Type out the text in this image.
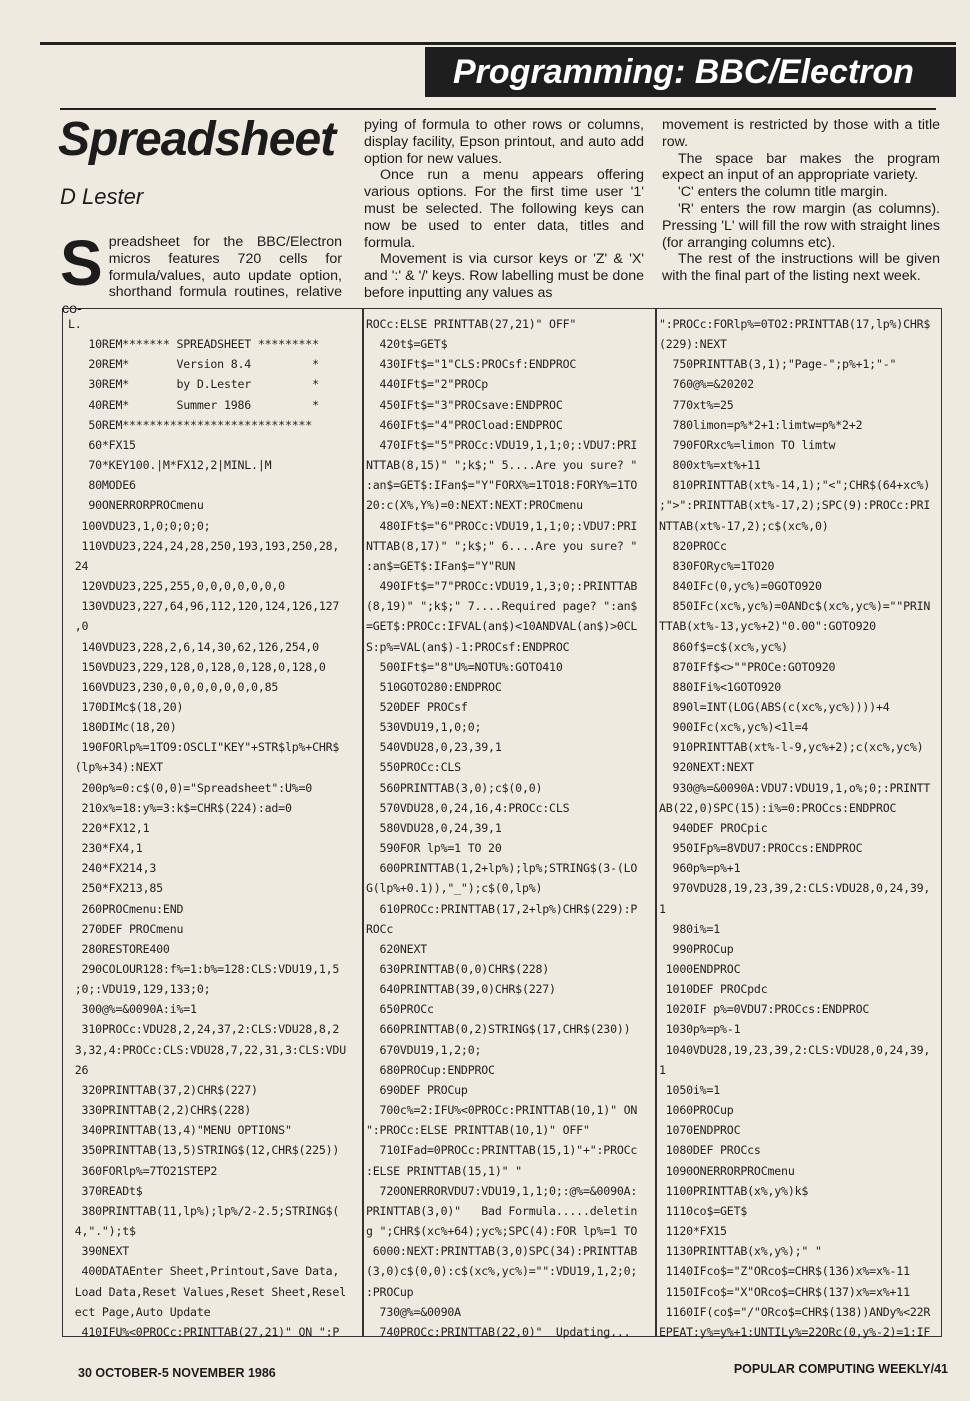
Programming: BBC/Electron
Spreadsheet
D Lester

Spreadsheet for the BBC/Electron micros features 720 cells for formula/values, auto update option, shorthand formula routines, relative co-

pying of formula to other rows or columns, display facility, Epson printout, and auto add option for new values.

Once run a menu appears offering various options. For the first time user '1' must be selected. The following keys can now be used to enter data, titles and formula.

Movement is via cursor keys or 'Z' & 'X' and ':' & '/' keys. Row labelling must be done before inputting any values as

movement is restricted by those with a title row.

The space bar makes the program expect an input of an appropriate variety.

'C' enters the column title margin.

'R' enters the row margin (as columns). Pressing 'L' will fill the row with straight lines (for arranging columns etc).

The rest of the instructions will be given with the final part of the listing next week.

L.
10REM******* SPREADSHEET *********
20REM*       Version 8.4         *
30REM*       by D.Lester         *
40REM*       Summer 1986         *
50REM****************************
60*FX15
70*KEY100.|M*FX12,2|MINL.|M
80MODE6
90ONERRORPROCmenu
100VDU23,1,0;0;0;0;
110VDU23,224,24,28,250,193,193,250,28,
24
120VDU23,225,255,0,0,0,0,0,0,0
130VDU23,227,64,96,112,120,124,126,127
,0
140VDU23,228,2,6,14,30,62,126,254,0
150VDU23,229,128,0,128,0,128,0,128,0
160VDU23,230,0,0,0,0,0,0,0,85
170DIMc$(18,20)
180DIMc(18,20)
190FORlp%=1TO9:OSCLI"KEY"+STR$lp%+CHR$
(lp%+34):NEXT
200p%=0:c$(0,0)="Spreadsheet":U%=0
210x%=18:y%=3:k$=CHR$(224):ad=0
220*FX12,1
230*FX4,1
240*FX214,3
250*FX213,85
260PROCmenu:END
270DEF PROCmenu
280RESTORE400
290COLOUR128:f%=1:b%=128:CLS:VDU19,1,5
;0;:VDU19,129,133;0;
300@%=&0090A:i%=1
310PROCc:VDU28,2,24,37,2:CLS:VDU28,8,2
3,32,4:PROCc:CLS:VDU28,7,22,31,3:CLS:VDU
26
320PRINTTAB(37,2)CHR$(227)
330PRINTTAB(2,2)CHR$(228)
340PRINTTAB(13,4)"MENU OPTIONS"
350PRINTTAB(13,5)STRING$(12,CHR$(225))
360FORlp%=7TO21STEP2
370READt$
380PRINTTAB(11,lp%);lp%/2-2.5;STRING$(
4,".");t$
390NEXT
400DATAEnter Sheet,Printout,Save Data,
Load Data,Reset Values,Reset Sheet,Resel
ect Page,Auto Update
410IFU%<0PROCc:PRINTTAB(27,21)" ON ":P
ROCc:ELSE PRINTTAB(27,21)" OFF"
420t$=GET$
430IFt$="1"CLS:PROCsf:ENDPROC
440IFt$="2"PROCp
450IFt$="3"PROCsave:ENDPROC
460IFt$="4"PROCload:ENDPROC
470IFt$="5"PROCc:VDU19,1,1;0;:VDU7:PRI
NTTAB(8,15)" ";k$;" 5....Are you sure? "
:an$=GET$:IFan$="Y"FORX%=1TO18:FORY%=1TO
20:c(X%,Y%)=0:NEXT:NEXT:PROCmenu
480IFt$="6"PROCc:VDU19,1,1;0;:VDU7:PRI
NTTAB(8,17)" ";k$;" 6....Are you sure? "
:an$=GET$:IFan$="Y"RUN
490IFt$="7"PROCc:VDU19,1,3;0;:PRINTTAB
(8,19)" ";k$;" 7....Required page? ":an$
=GET$:PROCc:IFVAL(an$)<10ANDVAL(an$)>0CL
S:p%=VAL(an$)-1:PROCsf:ENDPROC
500IFt$="8"U%=NOTU%:GOTO410
510GOTO280:ENDPROC
520DEF PROCsf
530VDU19,1,0;0;
540VDU28,0,23,39,1
550PROCc:CLS
560PRINTTAB(3,0);c$(0,0)
570VDU28,0,24,16,4:PROCc:CLS
580VDU28,0,24,39,1
590FOR lp%=1 TO 20
600PRINTTAB(1,2+lp%);lp%;STRING$(3-(LO
G(lp%+0.1)),"_");c$(0,lp%)
610PROCc:PRINTTAB(17,2+lp%)CHR$(229):P
ROCc
620NEXT
630PRINTTAB(0,0)CHR$(228)
640PRINTTAB(39,0)CHR$(227)
650PROCc
660PRINTTAB(0,2)STRING$(17,CHR$(230))
670VDU19,1,2;0;
680PROCup:ENDPROC
690DEF PROCup
700c%=2:IFU%<0PROCc:PRINTTAB(10,1)" ON
":PROCc:ELSE PRINTTAB(10,1)" OFF"
710IFad=0PROCc:PRINTTAB(15,1)"+":PROCc
:ELSE PRINTTAB(15,1)" "
720ONERRORVDU7:VDU19,1,1;0;:@%=&0090A:
PRINTTAB(3,0)"   Bad Formula.....deletin
g ";CHR$(xc%+64);yc%;SPC(4):FOR lp%=1 TO
6000:NEXT:PRINTTAB(3,0)SPC(34):PRINTTAB
(3,0)c$(0,0):c$(xc%,yc%)="":VDU19,1,2;0;
:PROCup
730@%=&0090A
740PROCc:PRINTTAB(22,0)"  Updating...
":PROCc:FORlp%=0TO2:PRINTTAB(17,lp%)CHR$
(229):NEXT
750PRINTTAB(3,1);"Page-";p%+1;"-"
760@%=&20202
770xt%=25
780limon=p%*2+1:limtw=p%*2+2
790FORxc%=limon TO limtw
800xt%=xt%+11
810PRINTTAB(xt%-14,1);"<";CHR$(64+xc%)
;">":PRINTTAB(xt%-17,2);SPC(9):PROCc:PRI
NTTAB(xt%-17,2);c$(xc%,0)
820PROCc
830FORyc%=1TO20
840IFc(0,yc%)=0GOTO920
850IFc(xc%,yc%)=0ANDc$(xc%,yc%)=""PRIN
TTAB(xt%-13,yc%+2)"0.00":GOTO920
860f$=c$(xc%,yc%)
870IFf$<>""PROCe:GOTO920
880IFi%<1GOTO920
890l=INT(LOG(ABS(c(xc%,yc%))))+4
900IFc(xc%,yc%)<1l=4
910PRINTTAB(xt%-l-9,yc%+2);c(xc%,yc%)
920NEXT:NEXT
930@%=&0090A:VDU7:VDU19,1,o%;0;:PRINTT
AB(22,0)SPC(15):i%=0:PROCcs:ENDPROC
940DEF PROCpic
950IFp%=8VDU7:PROCcs:ENDPROC
960p%=p%+1
970VDU28,19,23,39,2:CLS:VDU28,0,24,39,
1
980i%=1
990PROCup
1000ENDPROC
1010DEF PROCpdc
1020IF p%=0VDU7:PROCcs:ENDPROC
1030p%=p%-1
1040VDU28,19,23,39,2:CLS:VDU28,0,24,39,
1
1050i%=1
1060PROCup
1070ENDPROC
1080DEF PROCcs
1090ONERRORPROCmenu
1100PRINTTAB(x%,y%)k$
1110co$=GET$
1120*FX15
1130PRINTTAB(x%,y%);" "
1140IFco$="Z"ORco$=CHR$(136)x%=x%-11
1150IFco$="X"ORco$=CHR$(137)x%=x%+11
1160IF(co$="/"ORco$=CHR$(138))ANDy%<22R
EPEAT:y%=y%+1:UNTILy%=22ORc(0,y%-2)=1:IF
30 OCTOBER-5 NOVEMBER 1986	POPULAR COMPUTING WEEKLY/41
